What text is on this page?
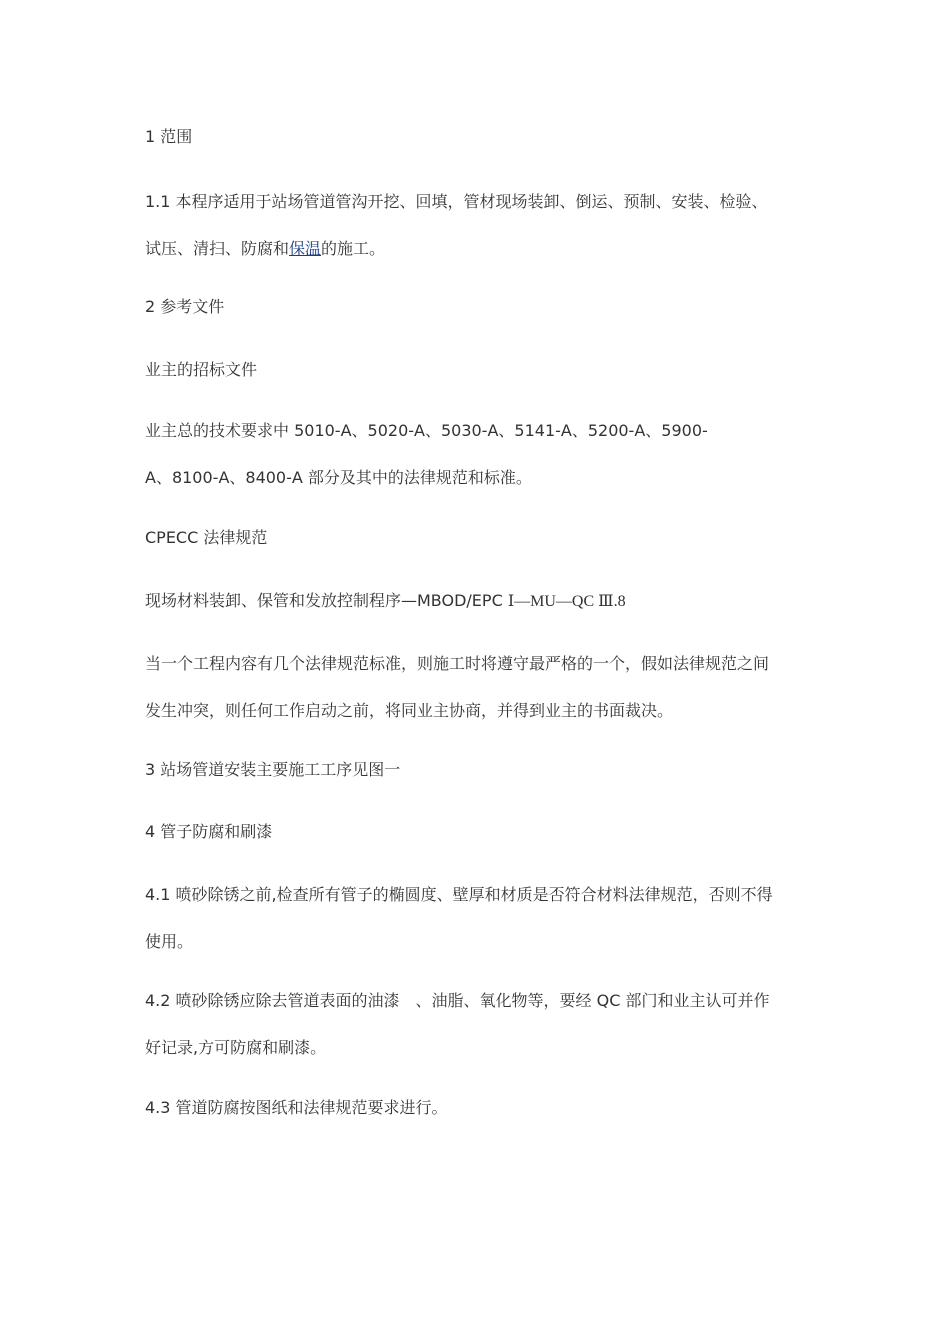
1 范围
1.1 本程序适用于站场管道管沟开挖、回填，管材现场装卸、倒运、预制、安装、检验、
试压、清扫、防腐和保温的施工。
2 参考文件
业主的招标文件
业主总的技术要求中 5010-A、5020-A、5030-A、5141-A、5200-A、5900-
A、8100-A、8400-A 部分及其中的法律规范和标准。
CPECC 法律规范
现场材料装卸、保管和发放控制程序—MBOD/EPC Ⅰ—MU—QC Ⅲ.8
当一个工程内容有几个法律规范标准，则施工时将遵守最严格的一个，假如法律规范之间
发生冲突，则任何工作启动之前，将同业主协商，并得到业主的书面裁决。
3 站场管道安装主要施工工序见图一
4 管子防腐和刷漆
4.1 喷砂除锈之前,检查所有管子的椭圆度、壁厚和材质是否符合材料法律规范，否则不得
使用。
4.2 喷砂除锈应除去管道表面的油漆　、油脂、氧化物等，要经 QC 部门和业主认可并作
好记录,方可防腐和刷漆。
4.3 管道防腐按图纸和法律规范要求进行。
